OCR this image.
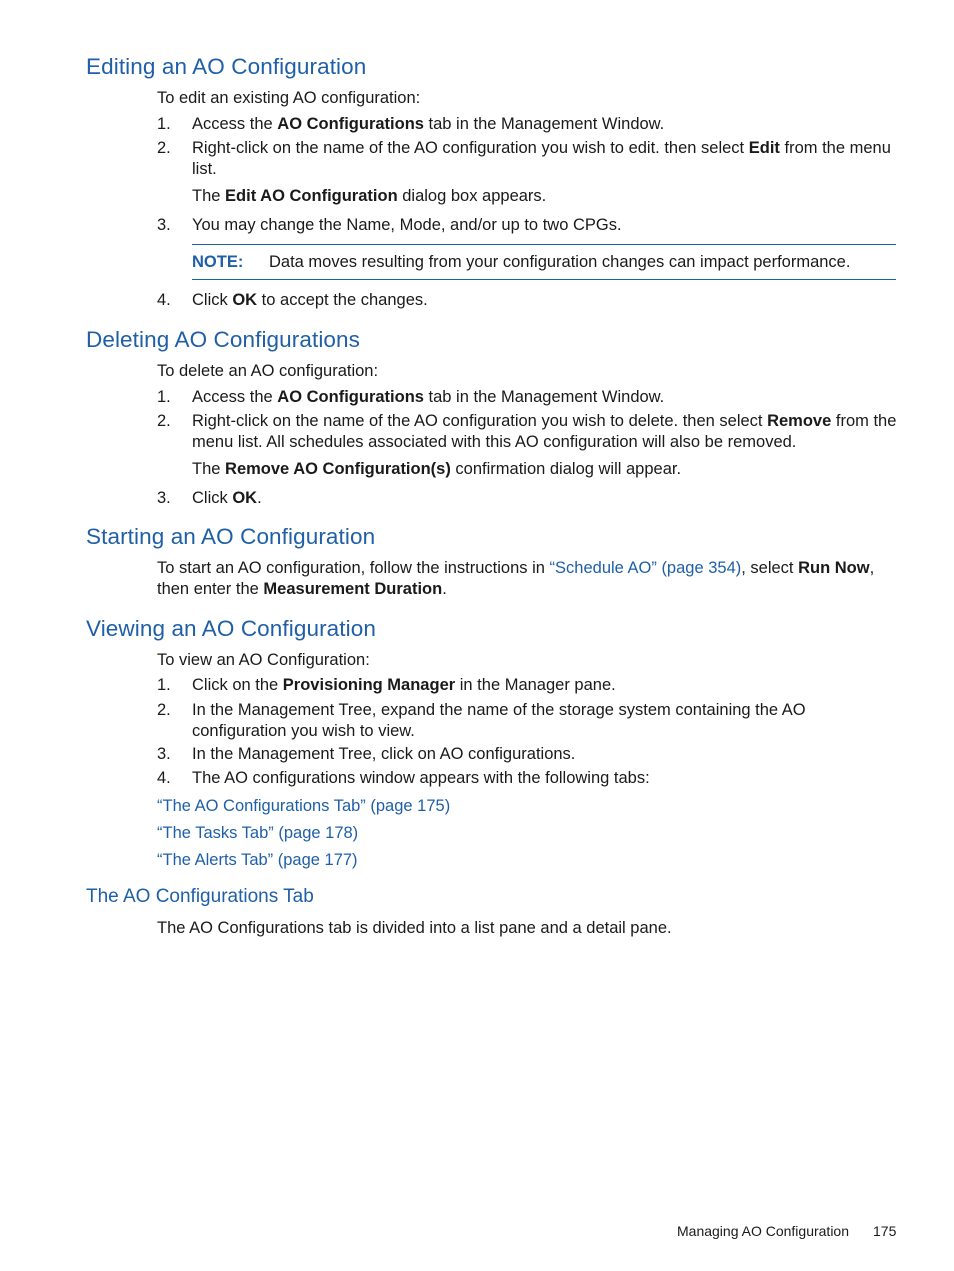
Editing an AO Configuration

To edit an existing AO configuration:

1. Access the AO Configurations tab in the Management Window.
2. Right-click on the name of the AO configuration you wish to edit. then select Edit from the menu list.
The Edit AO Configuration dialog box appears.
3. You may change the Name, Mode, and/or up to two CPGs.
NOTE: Data moves resulting from your configuration changes can impact performance.
4. Click OK to accept the changes.
Deleting AO Configurations

To delete an AO configuration:

1. Access the AO Configurations tab in the Management Window.
2. Right-click on the name of the AO configuration you wish to delete. then select Remove from the menu list. All schedules associated with this AO configuration will also be removed.
The Remove AO Configuration(s) confirmation dialog will appear.
3. Click OK.
Starting an AO Configuration

To start an AO configuration, follow the instructions in “Schedule AO” (page 354), select Run Now, then enter the Measurement Duration.

Viewing an AO Configuration

To view an AO Configuration:

1. Click on the Provisioning Manager in the Manager pane.
2. In the Management Tree, expand the name of the storage system containing the AO configuration you wish to view.
3. In the Management Tree, click on AO configurations.
4. The AO configurations window appears with the following tabs:
“The AO Configurations Tab” (page 175)
“The Tasks Tab” (page 178)
“The Alerts Tab” (page 177)
The AO Configurations Tab

The AO Configurations tab is divided into a list pane and a detail pane.

Managing AO Configuration 175
